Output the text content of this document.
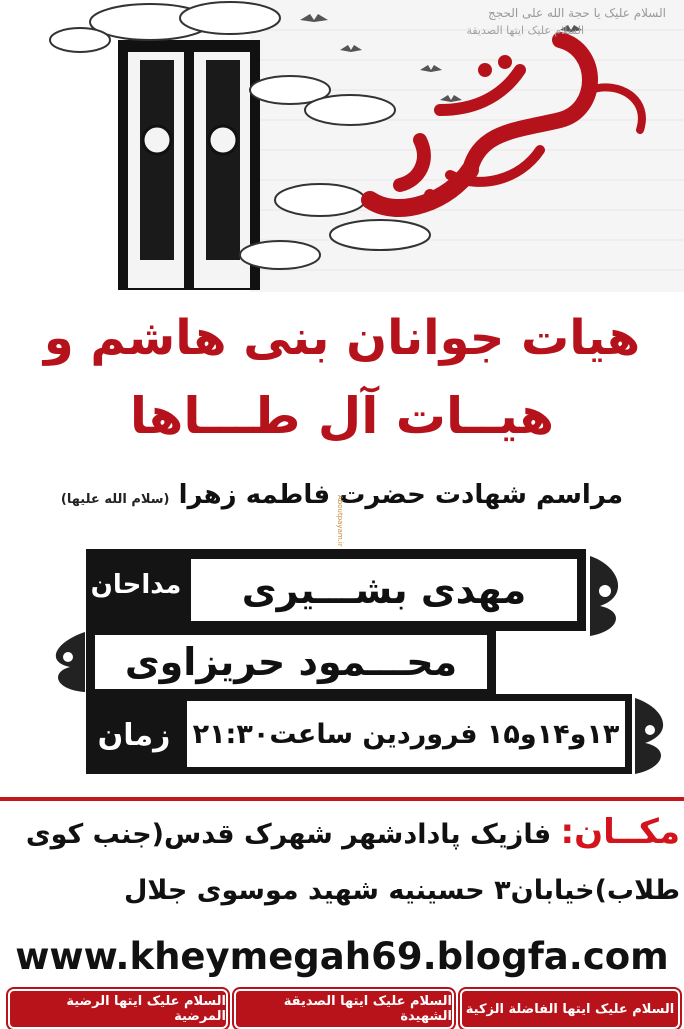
السلام علیک یا حجة الله علی الحجج
السلام علیک ایتها الصدیقة
هیات جوانان بنی هاشم و
هیــات آل طـــاها
مراسم شهادت حضرت فاطمه زهرا (سلام الله علیها)	Aboutpayam.ir
مداحان مهدی بشـــیری
محـــمود حریزاوی
زمان ۱۳و۱۴و۱۵ فروردین ساعت۲۱:۳۰
مکــان: فازیک پادادشهر شهرک قدس(جنب کوی
طلاب)خیابان۳ حسینیه شهید موسوی جلال
www.kheymegah69.blogfa.com
السلام علیک ایتها الفاضلة الزکیة
السلام علیک ایتها الصدیقة الشهیدة
السلام علیک ایتها الرضیة المرضیة
